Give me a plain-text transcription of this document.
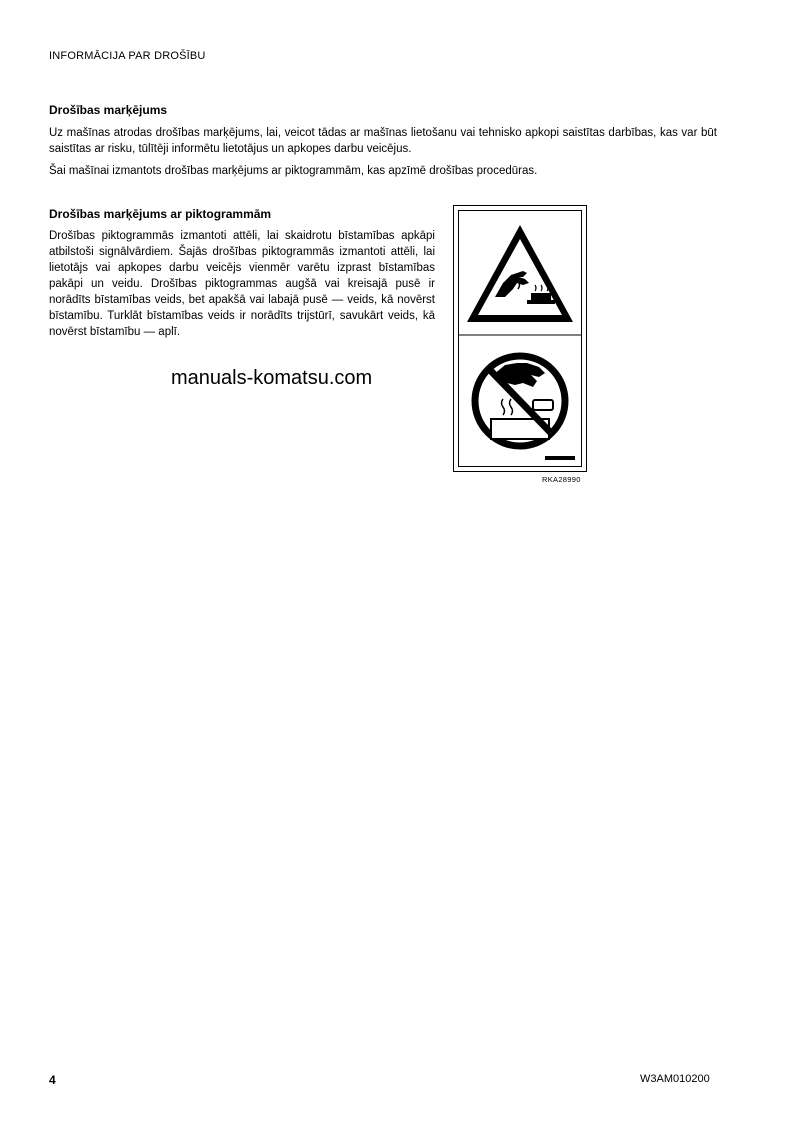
INFORMĀCIJA PAR DROŠĪBU
Drošības marķējums

Uz mašīnas atrodas drošības marķējums, lai, veicot tādas ar mašīnas lietošanu vai tehnisko apkopi saistītas darbības, kas var būt saistītas ar risku, tūlītēji informētu lietotājus un apkopes darbu veicējus.

Šai mašīnai izmantots drošības marķējums ar piktogrammām, kas apzīmē drošības procedūras.

Drošības marķējums ar piktogrammām

Drošības piktogrammās izmantoti attēli, lai skaidrotu bīstamības apkāpi atbilstoši signālvārdiem. Šajās drošības piktogrammās izmantoti attēli, lai lietotājs vai apkopes darbu veicējs vienmēr varētu izprast bīstamības pakāpi un veidu. Drošības piktogrammas augšā vai kreisajā pusē ir norādīts bīstamības veids, bet apakšā vai labajā pusē — veids, kā novērst bīstamību. Turklāt bīstamības veids ir norādīts trijstūrī, savukārt veids, kā novērst bīstamību — aplī.

manuals-komatsu.com
RKA28990
4	W3AM010200
